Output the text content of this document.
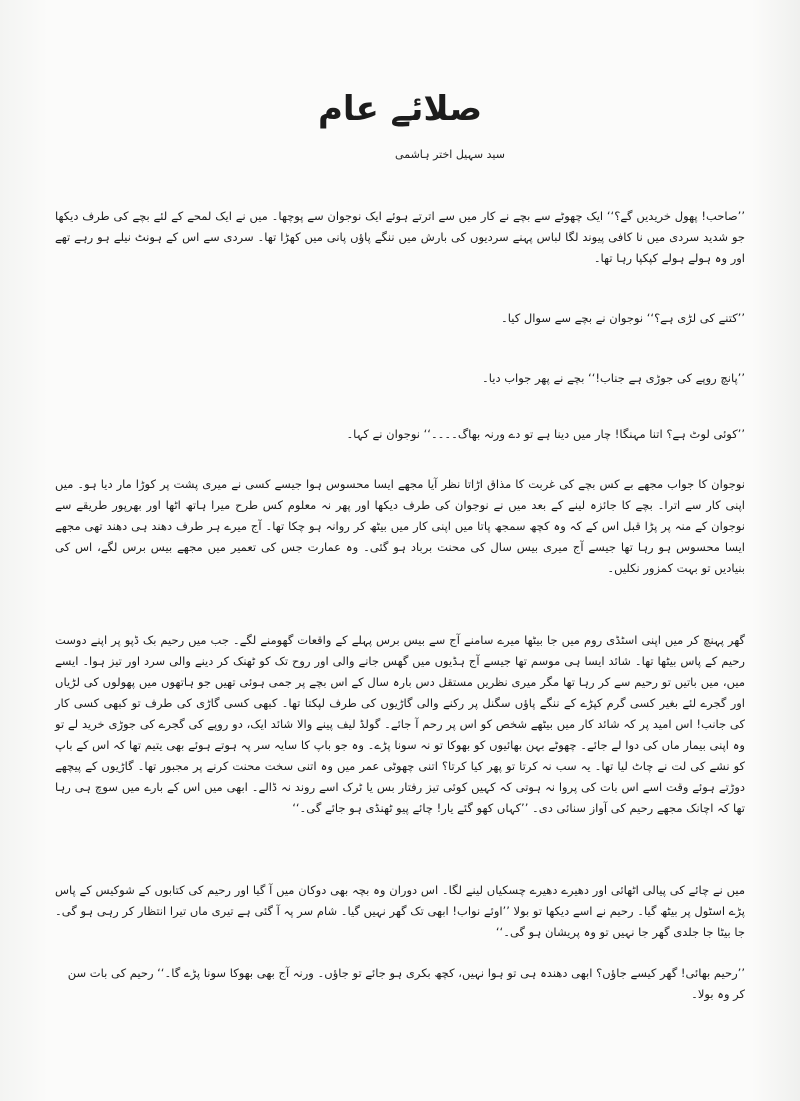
صلائے عام
سید سہیل اختر ہاشمی

’’صاحب! پھول خریدیں گے؟‘‘ ایک چھوٹے سے بچے نے کار میں سے اترتے ہوئے ایک نوجوان سے پوچھا۔ میں نے ایک لمحے کے لئے بچے کی طرف دیکھا جو شدید سردی میں نا کافی پیوند لگا لباس پہنے سردیوں کی بارش میں ننگے پاؤں پانی میں کھڑا تھا۔ سردی سے اس کے ہونٹ نیلے ہو رہے تھے اور وہ ہولے ہولے کپکپا رہا تھا۔

’’کتنے کی لڑی ہے؟‘‘ نوجوان نے بچے سے سوال کیا۔

’’پانچ روپے کی جوڑی ہے جناب!‘‘ بچے نے پھر جواب دیا۔

’’کوئی لوٹ ہے؟ اتنا مہنگا! چار میں دینا ہے تو دے ورنہ بھاگ۔۔۔۔‘‘ نوجوان نے کہا۔

نوجوان کا جواب مجھے بے کس بچے کی غربت کا مذاق اڑاتا نظر آیا مجھے ایسا محسوس ہوا جیسے کسی نے میری پشت پر کوڑا مار دیا ہو۔ میں اپنی کار سے اترا۔ بچے کا جائزہ لینے کے بعد میں نے نوجوان کی طرف دیکھا اور پھر نہ معلوم کس طرح میرا ہاتھ اٹھا اور بھرپور طریقے سے نوجوان کے منہ پر پڑا قبل اس کے کہ وہ کچھ سمجھ پاتا میں اپنی کار میں بیٹھ کر روانہ ہو چکا تھا۔ آج میرے ہر طرف دھند ہی دھند تھی مجھے ایسا محسوس ہو رہا تھا جیسے آج میری بیس سال کی محنت برباد ہو گئی۔ وہ عمارت جس کی تعمیر میں مجھے بیس برس لگے، اس کی بنیادیں تو بہت کمزور نکلیں۔

گھر پہنچ کر میں اپنی اسٹڈی روم میں جا بیٹھا میرے سامنے آج سے بیس برس پہلے کے واقعات گھومنے لگے۔ جب میں رحیم بک ڈپو پر اپنے دوست رحیم کے پاس بیٹھا تھا۔ شائد ایسا ہی موسم تھا جیسے آج ہڈیوں میں گھس جانے والی اور روح تک کو ٹھنک کر دینے والی سرد اور تیز ہوا۔ ایسے میں، میں باتیں تو رحیم سے کر رہا تھا مگر میری نظریں مستقل دس بارہ سال کے اس بچے پر جمی ہوئی تھیں جو ہاتھوں میں پھولوں کی لڑیاں اور گجرے لئے بغیر کسی گرم کپڑے کے ننگے پاؤں سگنل پر رکنے والی گاڑیوں کی طرف لپکتا تھا۔ کبھی کسی گاڑی کی طرف تو کبھی کسی کار کی جانب! اس امید پر کہ شائد کار میں بیٹھے شخص کو اس پر رحم آ جائے۔ گولڈ لیف پینے والا شائد ایک، دو روپے کی گجرے کی جوڑی خرید لے تو وہ اپنی بیمار ماں کی دوا لے جائے۔ چھوٹے بہن بھائیوں کو بھوکا تو نہ سونا پڑے۔ وہ جو باپ کا سایہ سر پہ ہوتے ہوئے بھی یتیم تھا کہ اس کے باپ کو نشے کی لت نے چاٹ لیا تھا۔ یہ سب نہ کرتا تو پھر کیا کرتا؟ اتنی چھوٹی عمر میں وہ اتنی سخت محنت کرنے پر مجبور تھا۔ گاڑیوں کے پیچھے دوڑتے ہوئے وقت اسے اس بات کی پروا نہ ہوتی کہ کہیں کوئی تیز رفتار بس یا ٹرک اسے روند نہ ڈالے۔ ابھی میں اس کے بارے میں سوچ ہی رہا تھا کہ اچانک مجھے رحیم کی آواز سنائی دی۔ ’’کہاں کھو گئے یار! چائے پیو ٹھنڈی ہو جائے گی۔‘‘

میں نے چائے کی پیالی اٹھائی اور دھیرے دھیرے چسکیاں لینے لگا۔ اس دوران وہ بچہ بھی دوکان میں آ گیا اور رحیم کی کتابوں کے شوکیس کے پاس پڑے اسٹول پر بیٹھ گیا۔ رحیم نے اسے دیکھا تو بولا ’’اوئے نواب! ابھی تک گھر نہیں گیا۔ شام سر پہ آ گئی ہے تیری ماں تیرا انتظار کر رہی ہو گی۔ جا بیٹا جا جلدی گھر جا نہیں تو وہ پریشان ہو گی۔‘‘

’’رحیم بھائی! گھر کیسے جاؤں؟ ابھی دھندہ ہی تو ہوا نہیں، کچھ بکری ہو جائے تو جاؤں۔ ورنہ آج بھی بھوکا سونا پڑے گا۔‘‘ رحیم کی بات سن کر وہ بولا۔
